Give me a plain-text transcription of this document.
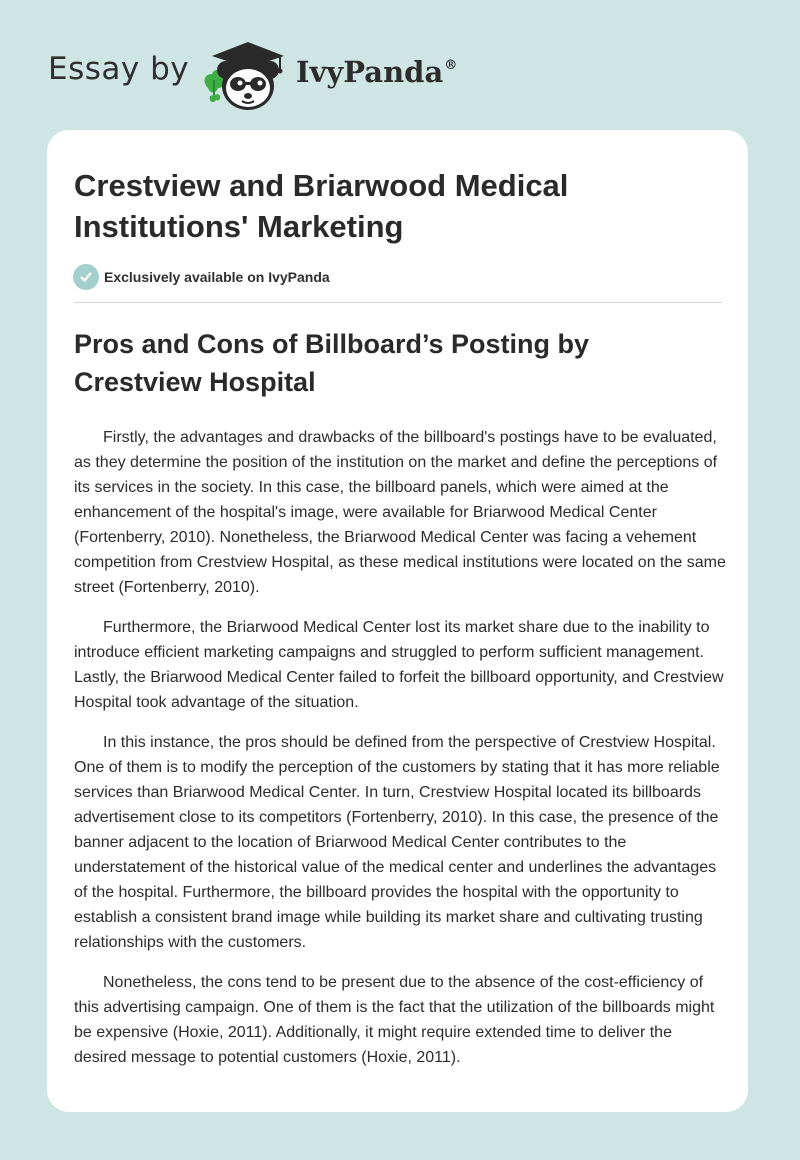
Essay by	IvyPanda®
Crestview and Briarwood Medical Institutions' Marketing
Exclusively available on IvyPanda
Pros and Cons of Billboard’s Posting by Crestview Hospital

Firstly, the advantages and drawbacks of the billboard's postings have to be evaluated, as they determine the position of the institution on the market and define the perceptions of its services in the society. In this case, the billboard panels, which were aimed at the enhancement of the hospital's image, were available for Briarwood Medical Center (Fortenberry, 2010). Nonetheless, the Briarwood Medical Center was facing a vehement competition from Crestview Hospital, as these medical institutions were located on the same street (Fortenberry, 2010).

Furthermore, the Briarwood Medical Center lost its market share due to the inability to introduce efficient marketing campaigns and struggled to perform sufficient management. Lastly, the Briarwood Medical Center failed to forfeit the billboard opportunity, and Crestview Hospital took advantage of the situation.

In this instance, the pros should be defined from the perspective of Crestview Hospital. One of them is to modify the perception of the customers by stating that it has more reliable services than Briarwood Medical Center. In turn, Crestview Hospital located its billboards advertisement close to its competitors (Fortenberry, 2010). In this case, the presence of the banner adjacent to the location of Briarwood Medical Center contributes to the understatement of the historical value of the medical center and underlines the advantages of the hospital. Furthermore, the billboard provides the hospital with the opportunity to establish a consistent brand image while building its market share and cultivating trusting relationships with the customers.

Nonetheless, the cons tend to be present due to the absence of the cost-efficiency of this advertising campaign. One of them is the fact that the utilization of the billboards might be expensive (Hoxie, 2011). Additionally, it might require extended time to deliver the desired message to potential customers (Hoxie, 2011).
